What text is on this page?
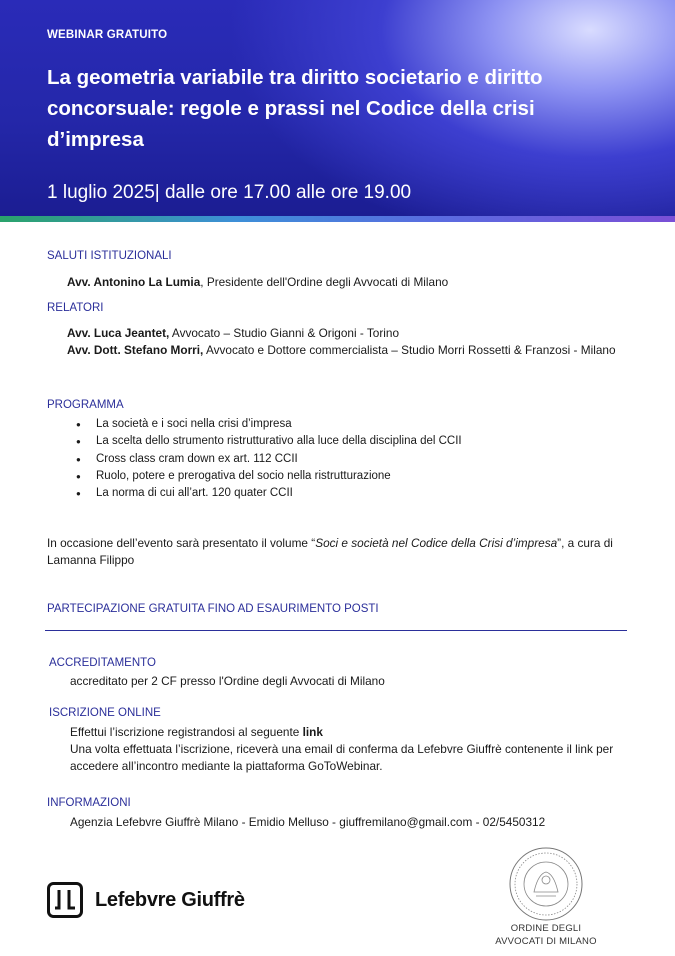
WEBINAR GRATUITO
La geometria variabile tra diritto societario e diritto concorsuale: regole e prassi nel Codice della crisi d’impresa
1 luglio 2025| dalle ore 17.00 alle ore 19.00
SALUTI ISTITUZIONALI
Avv. Antonino La Lumia, Presidente dell'Ordine degli Avvocati di Milano
RELATORI
Avv. Luca Jeantet, Avvocato – Studio Gianni & Origoni - Torino
Avv. Dott. Stefano Morri, Avvocato e Dottore commercialista – Studio Morri Rossetti & Franzosi - Milano
PROGRAMMA
● La società e i soci nella crisi d’impresa
● La scelta dello strumento ristrutturativo alla luce della disciplina del CCII
● Cross class cram down ex art. 112 CCII
● Ruolo, potere e prerogativa del socio nella ristrutturazione
● La norma di cui all’art. 120 quater CCII
In occasione dell’evento sarà presentato il volume “Soci e società nel Codice della Crisi d’impresa”, a cura di Lamanna Filippo
PARTECIPAZIONE GRATUITA FINO AD ESAURIMENTO POSTI
ACCREDITAMENTO
accreditato per 2 CF presso l'Ordine degli Avvocati di Milano
ISCRIZIONE ONLINE
Effettui l’iscrizione registrandosi al seguente link
Una volta effettuata l’iscrizione, riceverà una email di conferma da Lefebvre Giuffrè contenente il link per accedere all’incontro mediante la piattaforma GoToWebinar.
INFORMAZIONI
Agenzia Lefebvre Giuffrè Milano - Emidio Melluso - giuffremilano@gmail.com - 02/5450312
Lefebvre Giuffrè
ORDINE DEGLI
AVVOCATI DI MILANO
